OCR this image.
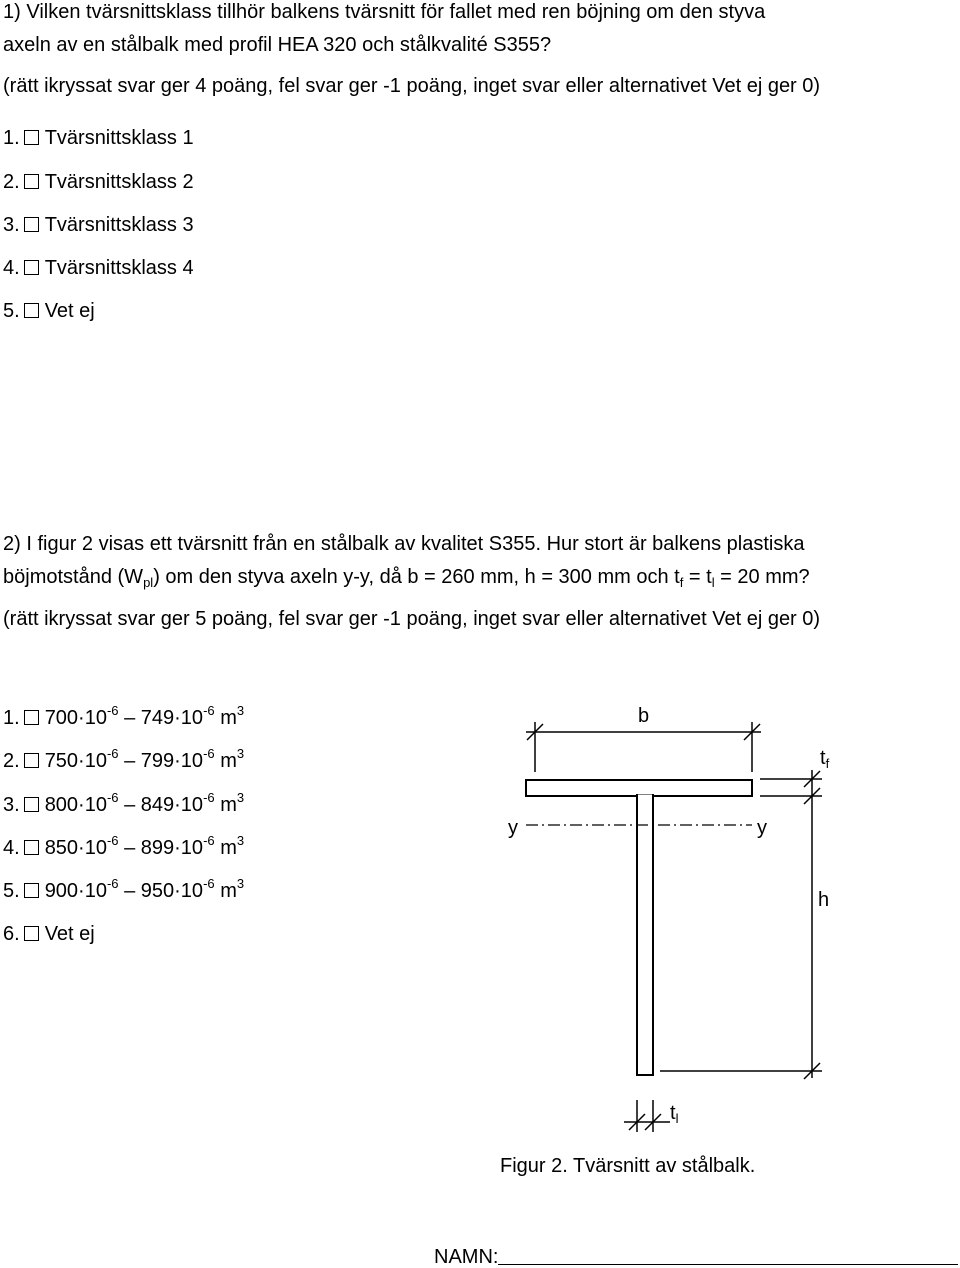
1) Vilken tvärsnittsklass tillhör balkens tvärsnitt för fallet med ren böjning om den styva
axeln av en stålbalk med profil HEA 320 och stålkvalité S355?
(rätt ikryssat svar ger 4 poäng, fel svar ger -1 poäng, inget svar eller alternativet Vet ej ger 0)
1. Tvärsnittsklass 1
2. Tvärsnittsklass 2
3. Tvärsnittsklass 3
4. Tvärsnittsklass 4
5. Vet ej
2) I figur 2 visas ett tvärsnitt från en stålbalk av kvalitet S355. Hur stort är balkens plastiska
böjmotstånd $(W_{pl})$ om den styva axeln y-y, då b = 260 mm, h = 300 mm och $t_f = t_l = 20$ mm?
(rätt ikryssat svar ger 5 poäng, fel svar ger -1 poäng, inget svar eller alternativet Vet ej ger 0)
1. $700\cdot 10^{-6} - 749\cdot 10^{-6}$ $m^3$
2. $750\cdot 10^{-6} - 799\cdot 10^{-6}$ $m^3$
3. $800\cdot 10^{-6} - 849\cdot 10^{-6}$ $m^3$
4. $850\cdot 10^{-6} - 899\cdot 10^{-6}$ $m^3$
5. $900\cdot 10^{-6} - 950\cdot 10^{-6}$ $m^3$
6. Vet ej
b
$t_f$
y	y
h
$t_l$
Figur 2. Tvärsnitt av stålbalk.
NAMN:
